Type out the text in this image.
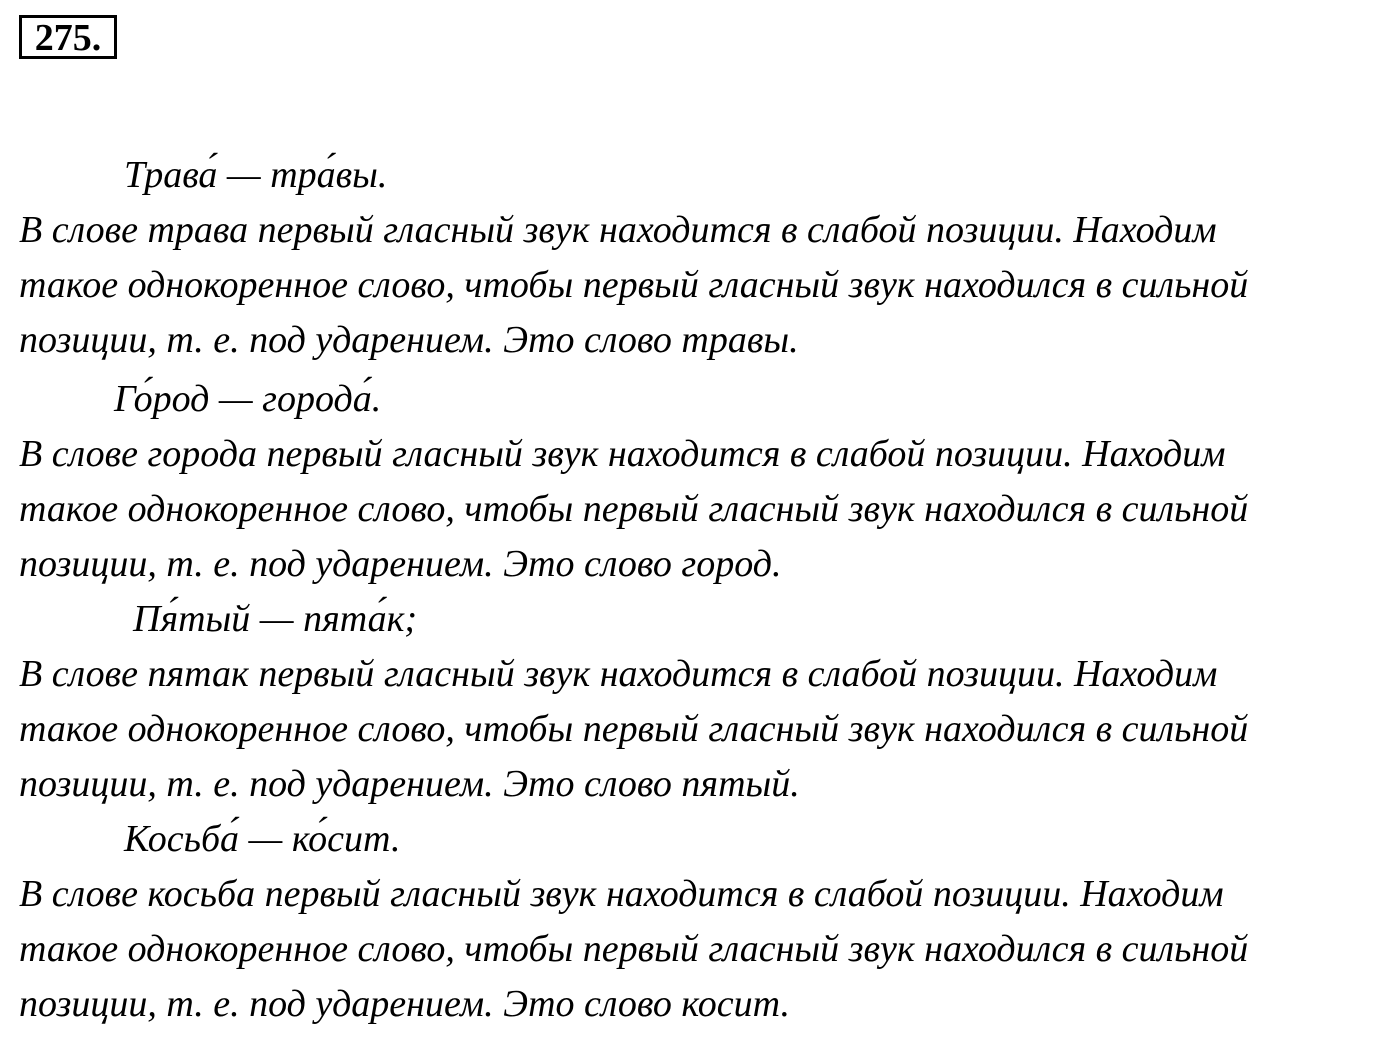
275.
Трава́ — тра́вы.

В слове трава первый гласный звук находится в слабой позиции. Находим
такое однокоренное слово, чтобы первый гласный звук находился в сильной
позиции, т. е. под ударением. Это слово травы.

Го́род — города́.

В слове города первый гласный звук находится в слабой позиции. Находим
такое однокоренное слово, чтобы первый гласный звук находился в сильной
позиции, т. е. под ударением. Это слово город.

Пя́тый — пята́к;

В слове пятак первый гласный звук находится в слабой позиции. Находим
такое однокоренное слово, чтобы первый гласный звук находился в сильной
позиции, т. е. под ударением. Это слово пятый.

Косьба́ — ко́сит.

В слове косьба первый гласный звук находится в слабой позиции. Находим
такое однокоренное слово, чтобы первый гласный звук находился в сильной
позиции, т. е. под ударением. Это слово косит.
